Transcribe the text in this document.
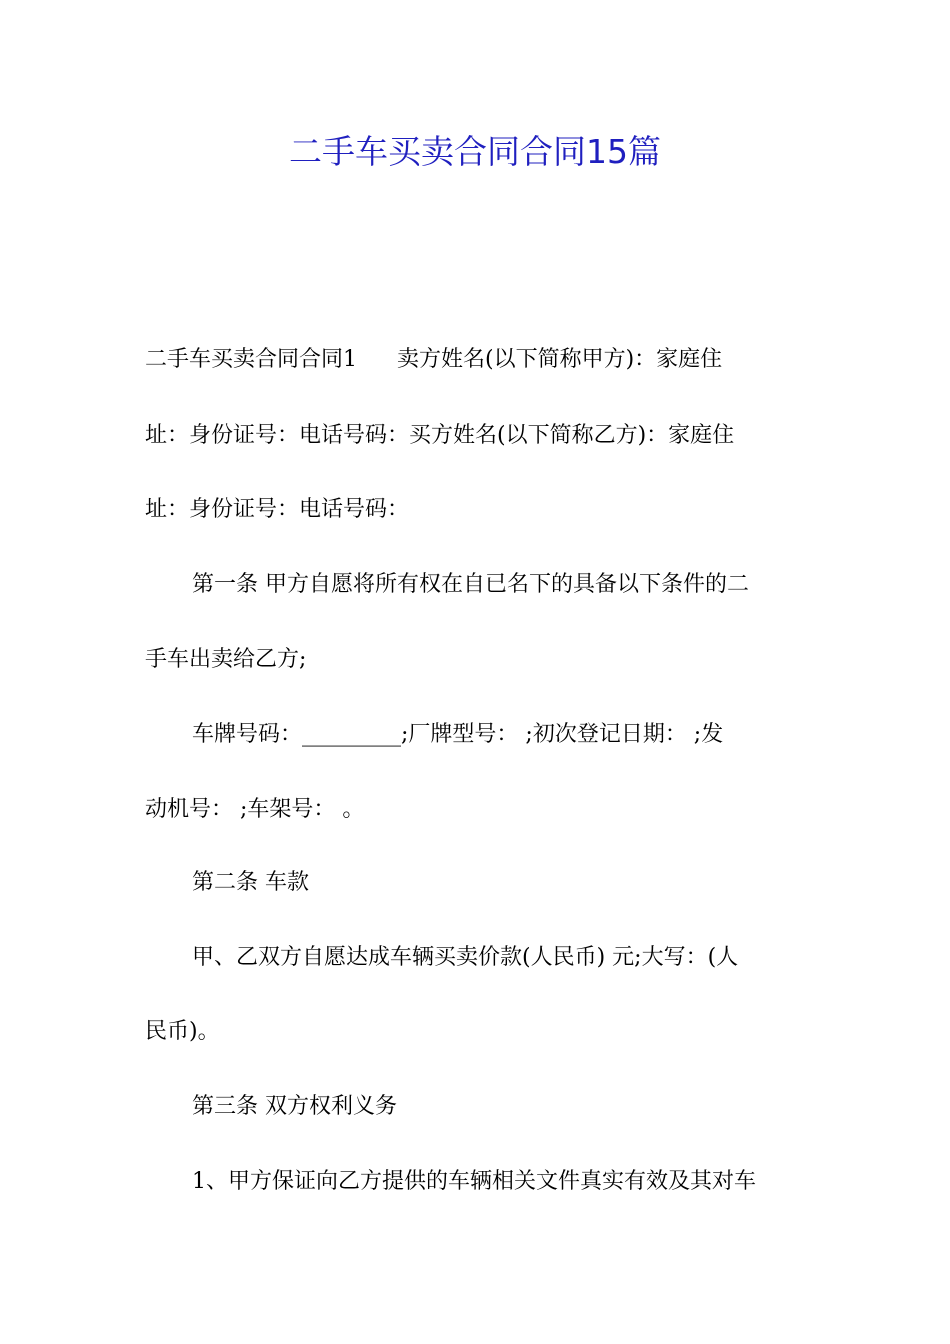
二手车买卖合同合同15篇
二手车买卖合同合同1 卖方姓名(以下简称甲方)：家庭住
址：身份证号：电话号码：买方姓名(以下简称乙方)：家庭住
址：身份证号：电话号码：
第一条 甲方自愿将所有权在自已名下的具备以下条件的二
手车出卖给乙方;
车牌号码：_________;厂牌型号： ;初次登记日期： ;发
动机号： ;车架号： 。
第二条 车款
甲、乙双方自愿达成车辆买卖价款(人民币) 元;大写：(人
民币)。
第三条 双方权利义务
1、甲方保证向乙方提供的车辆相关文件真实有效及其对车
